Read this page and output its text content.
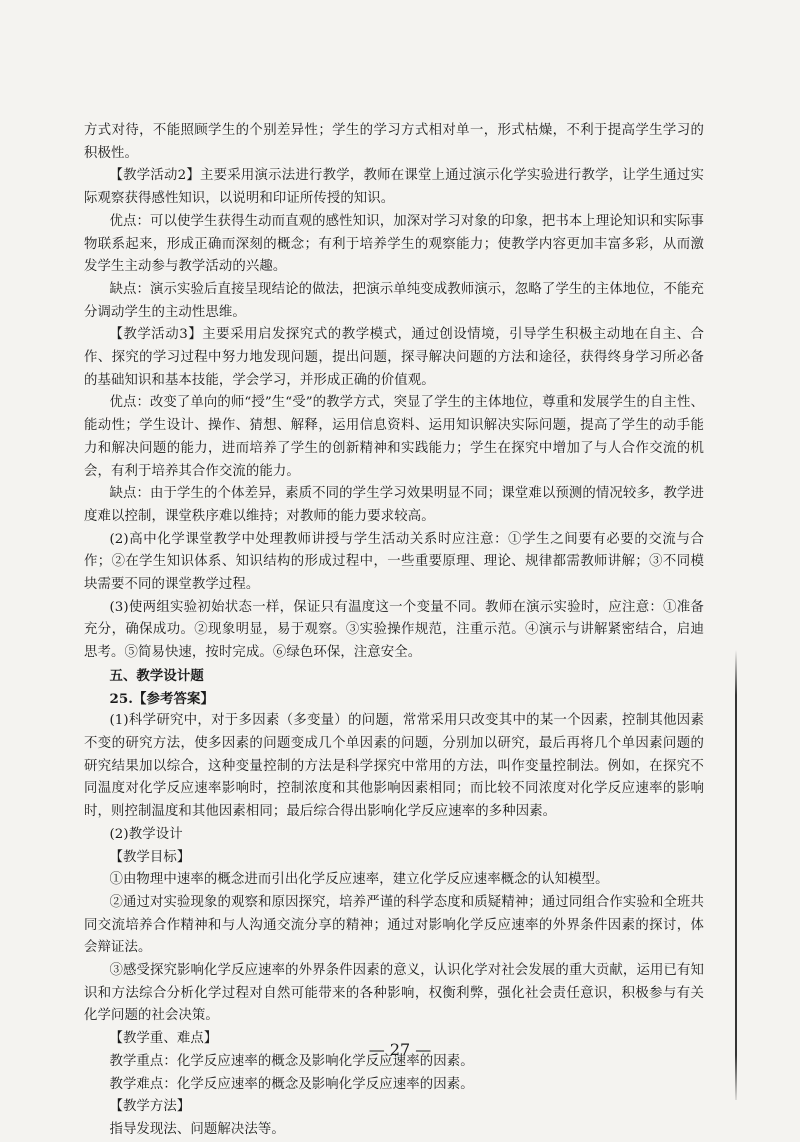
方式对待，不能照顾学生的个别差异性；学生的学习方式相对单一，形式枯燥，不利于提高学生学习的积极性。

【教学活动2】主要采用演示法进行教学，教师在课堂上通过演示化学实验进行教学，让学生通过实际观察获得感性知识，以说明和印证所传授的知识。

优点：可以使学生获得生动而直观的感性知识，加深对学习对象的印象，把书本上理论知识和实际事物联系起来，形成正确而深刻的概念；有利于培养学生的观察能力；使教学内容更加丰富多彩，从而激发学生主动参与教学活动的兴趣。

缺点：演示实验后直接呈现结论的做法，把演示单纯变成教师演示，忽略了学生的主体地位，不能充分调动学生的主动性思维。

【教学活动3】主要采用启发探究式的教学模式，通过创设情境，引导学生积极主动地在自主、合作、探究的学习过程中努力地发现问题，提出问题，探寻解决问题的方法和途径，获得终身学习所必备的基础知识和基本技能，学会学习，并形成正确的价值观。

优点：改变了单向的师“授”生“受”的教学方式，突显了学生的主体地位，尊重和发展学生的自主性、能动性；学生设计、操作、猜想、解释，运用信息资料、运用知识解决实际问题，提高了学生的动手能力和解决问题的能力，进而培养了学生的创新精神和实践能力；学生在探究中增加了与人合作交流的机会，有利于培养其合作交流的能力。

缺点：由于学生的个体差异，素质不同的学生学习效果明显不同；课堂难以预测的情况较多，教学进度难以控制，课堂秩序难以维持；对教师的能力要求较高。

(2)高中化学课堂教学中处理教师讲授与学生活动关系时应注意：①学生之间要有必要的交流与合作；②在学生知识体系、知识结构的形成过程中，一些重要原理、理论、规律都需教师讲解；③不同模块需要不同的课堂教学过程。

(3)使两组实验初始状态一样，保证只有温度这一个变量不同。教师在演示实验时，应注意：①准备充分，确保成功。②现象明显，易于观察。③实验操作规范，注重示范。④演示与讲解紧密结合，启迪思考。⑤简易快速，按时完成。⑥绿色环保，注意安全。

五、教学设计题

25.【参考答案】

(1)科学研究中，对于多因素（多变量）的问题，常常采用只改变其中的某一个因素，控制其他因素不变的研究方法，使多因素的问题变成几个单因素的问题，分别加以研究，最后再将几个单因素问题的研究结果加以综合，这种变量控制的方法是科学探究中常用的方法，叫作变量控制法。例如，在探究不同温度对化学反应速率影响时，控制浓度和其他影响因素相同；而比较不同浓度对化学反应速率的影响时，则控制温度和其他因素相同；最后综合得出影响化学反应速率的多种因素。

(2)教学设计

【教学目标】

①由物理中速率的概念进而引出化学反应速率，建立化学反应速率概念的认知模型。

②通过对实验现象的观察和原因探究，培养严谨的科学态度和质疑精神；通过同组合作实验和全班共同交流培养合作精神和与人沟通交流分享的精神；通过对影响化学反应速率的外界条件因素的探讨，体会辩证法。

③感受探究影响化学反应速率的外界条件因素的意义，认识化学对社会发展的重大贡献，运用已有知识和方法综合分析化学过程对自然可能带来的各种影响，权衡利弊，强化社会责任意识，积极参与有关化学问题的社会决策。

【教学重、难点】

教学重点：化学反应速率的概念及影响化学反应速率的因素。

教学难点：化学反应速率的概念及影响化学反应速率的因素。

【教学方法】

指导发现法、问题解决法等。

— 27 —
